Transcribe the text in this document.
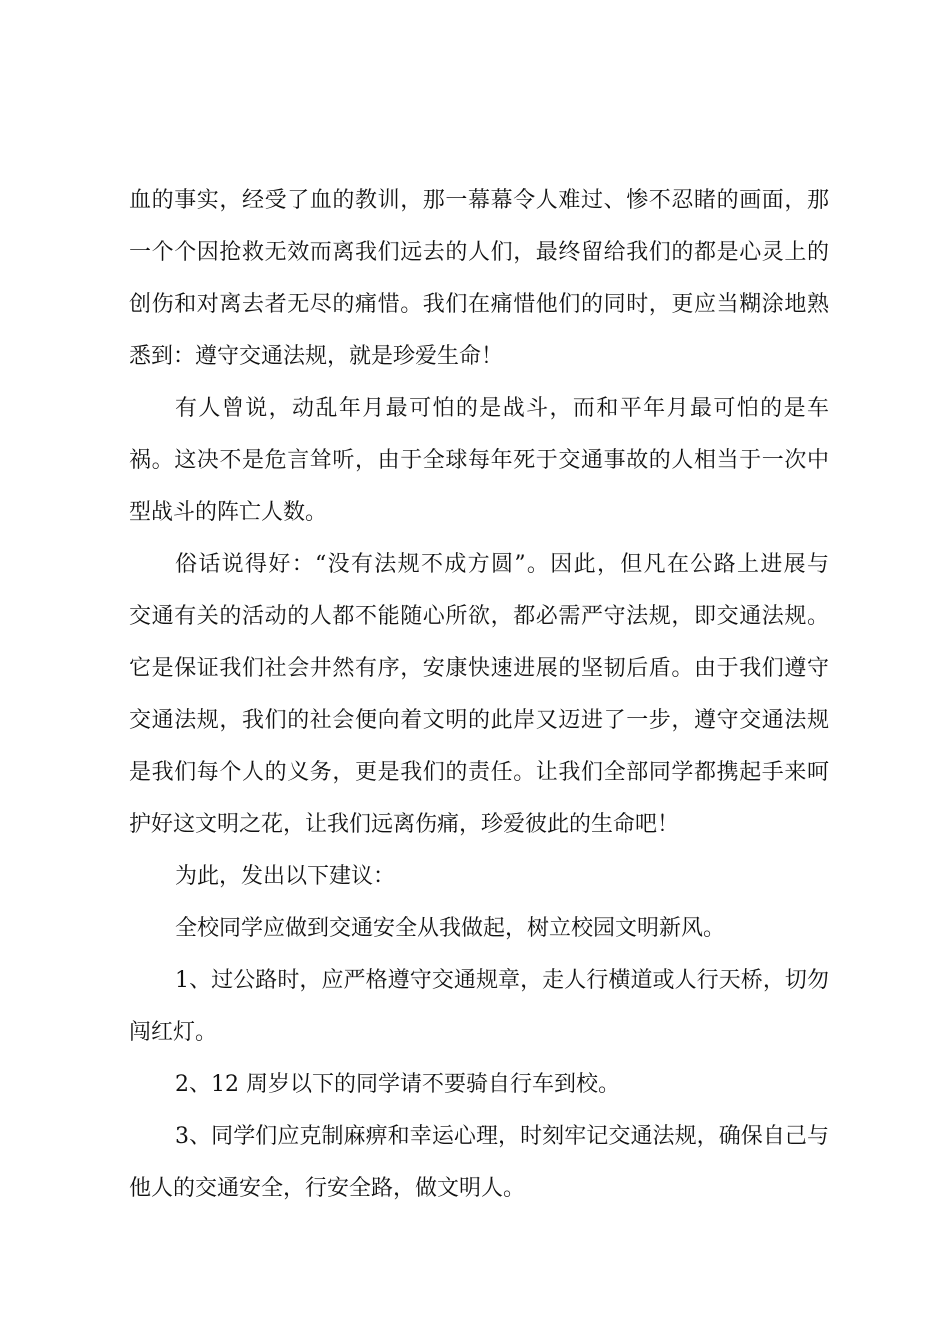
血的事实，经受了血的教训，那一幕幕令人难过、惨不忍睹的画面，那
一个个因抢救无效而离我们远去的人们，最终留给我们的都是心灵上的
创伤和对离去者无尽的痛惜。我们在痛惜他们的同时，更应当糊涂地熟
悉到：遵守交通法规，就是珍爱生命！
有人曾说，动乱年月最可怕的是战斗，而和平年月最可怕的是车
祸。这决不是危言耸听，由于全球每年死于交通事故的人相当于一次中
型战斗的阵亡人数。
俗话说得好：“没有法规不成方圆”。因此，但凡在公路上进展与
交通有关的活动的人都不能随心所欲，都必需严守法规，即交通法规。
它是保证我们社会井然有序，安康快速进展的坚韧后盾。由于我们遵守
交通法规，我们的社会便向着文明的此岸又迈进了一步，遵守交通法规
是我们每个人的义务，更是我们的责任。让我们全部同学都携起手来呵
护好这文明之花，让我们远离伤痛，珍爱彼此的生命吧！
为此，发出以下建议：
全校同学应做到交通安全从我做起，树立校园文明新风。
1、过公路时，应严格遵守交通规章，走人行横道或人行天桥，切勿
闯红灯。
2、12 周岁以下的同学请不要骑自行车到校。
3、同学们应克制麻痹和幸运心理，时刻牢记交通法规，确保自己与
他人的交通安全，行安全路，做文明人。
